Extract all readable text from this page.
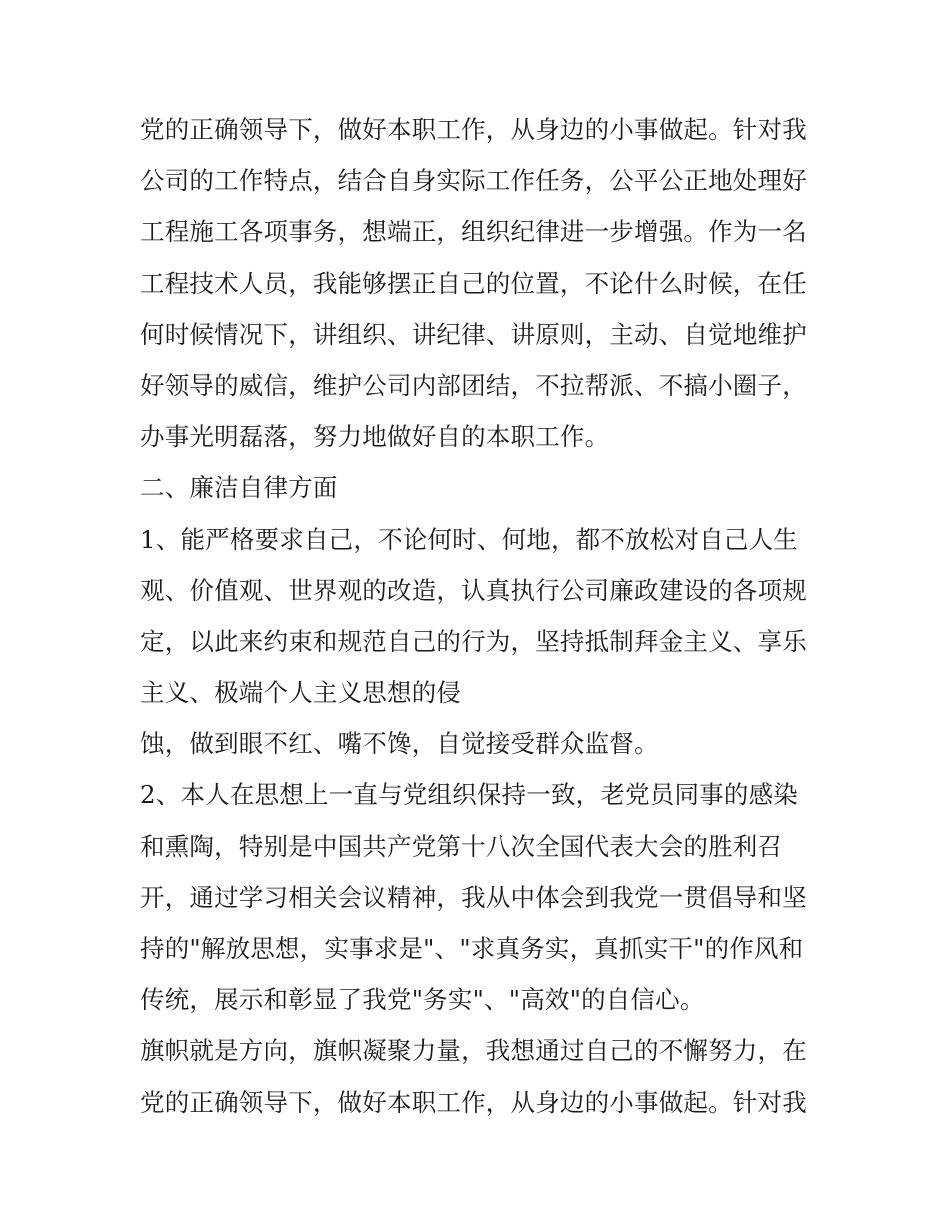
党的正确领导下，做好本职工作，从身边的小事做起。针对我
公司的工作特点，结合自身实际工作任务，公平公正地处理好
工程施工各项事务，想端正，组织纪律进一步增强。作为一名
工程技术人员，我能够摆正自己的位置，不论什么时候，在任
何时候情况下，讲组织、讲纪律、讲原则，主动、自觉地维护
好领导的威信，维护公司内部团结，不拉帮派、不搞小圈子，
办事光明磊落，努力地做好自的本职工作。
二、廉洁自律方面
1、能严格要求自己，不论何时、何地，都不放松对自己人生
观、价值观、世界观的改造，认真执行公司廉政建设的各项规
定，以此来约束和规范自己的行为，坚持抵制拜金主义、享乐
主义、极端个人主义思想的侵
蚀，做到眼不红、嘴不馋，自觉接受群众监督。
2、本人在思想上一直与党组织保持一致，老党员同事的感染
和熏陶，特别是中国共产党第十八次全国代表大会的胜利召
开，通过学习相关会议精神，我从中体会到我党一贯倡导和坚
持的"解放思想，实事求是"、"求真务实，真抓实干"的作风和
传统，展示和彰显了我党"务实"、"高效"的自信心。
旗帜就是方向，旗帜凝聚力量，我想通过自己的不懈努力，在
党的正确领导下，做好本职工作，从身边的小事做起。针对我
